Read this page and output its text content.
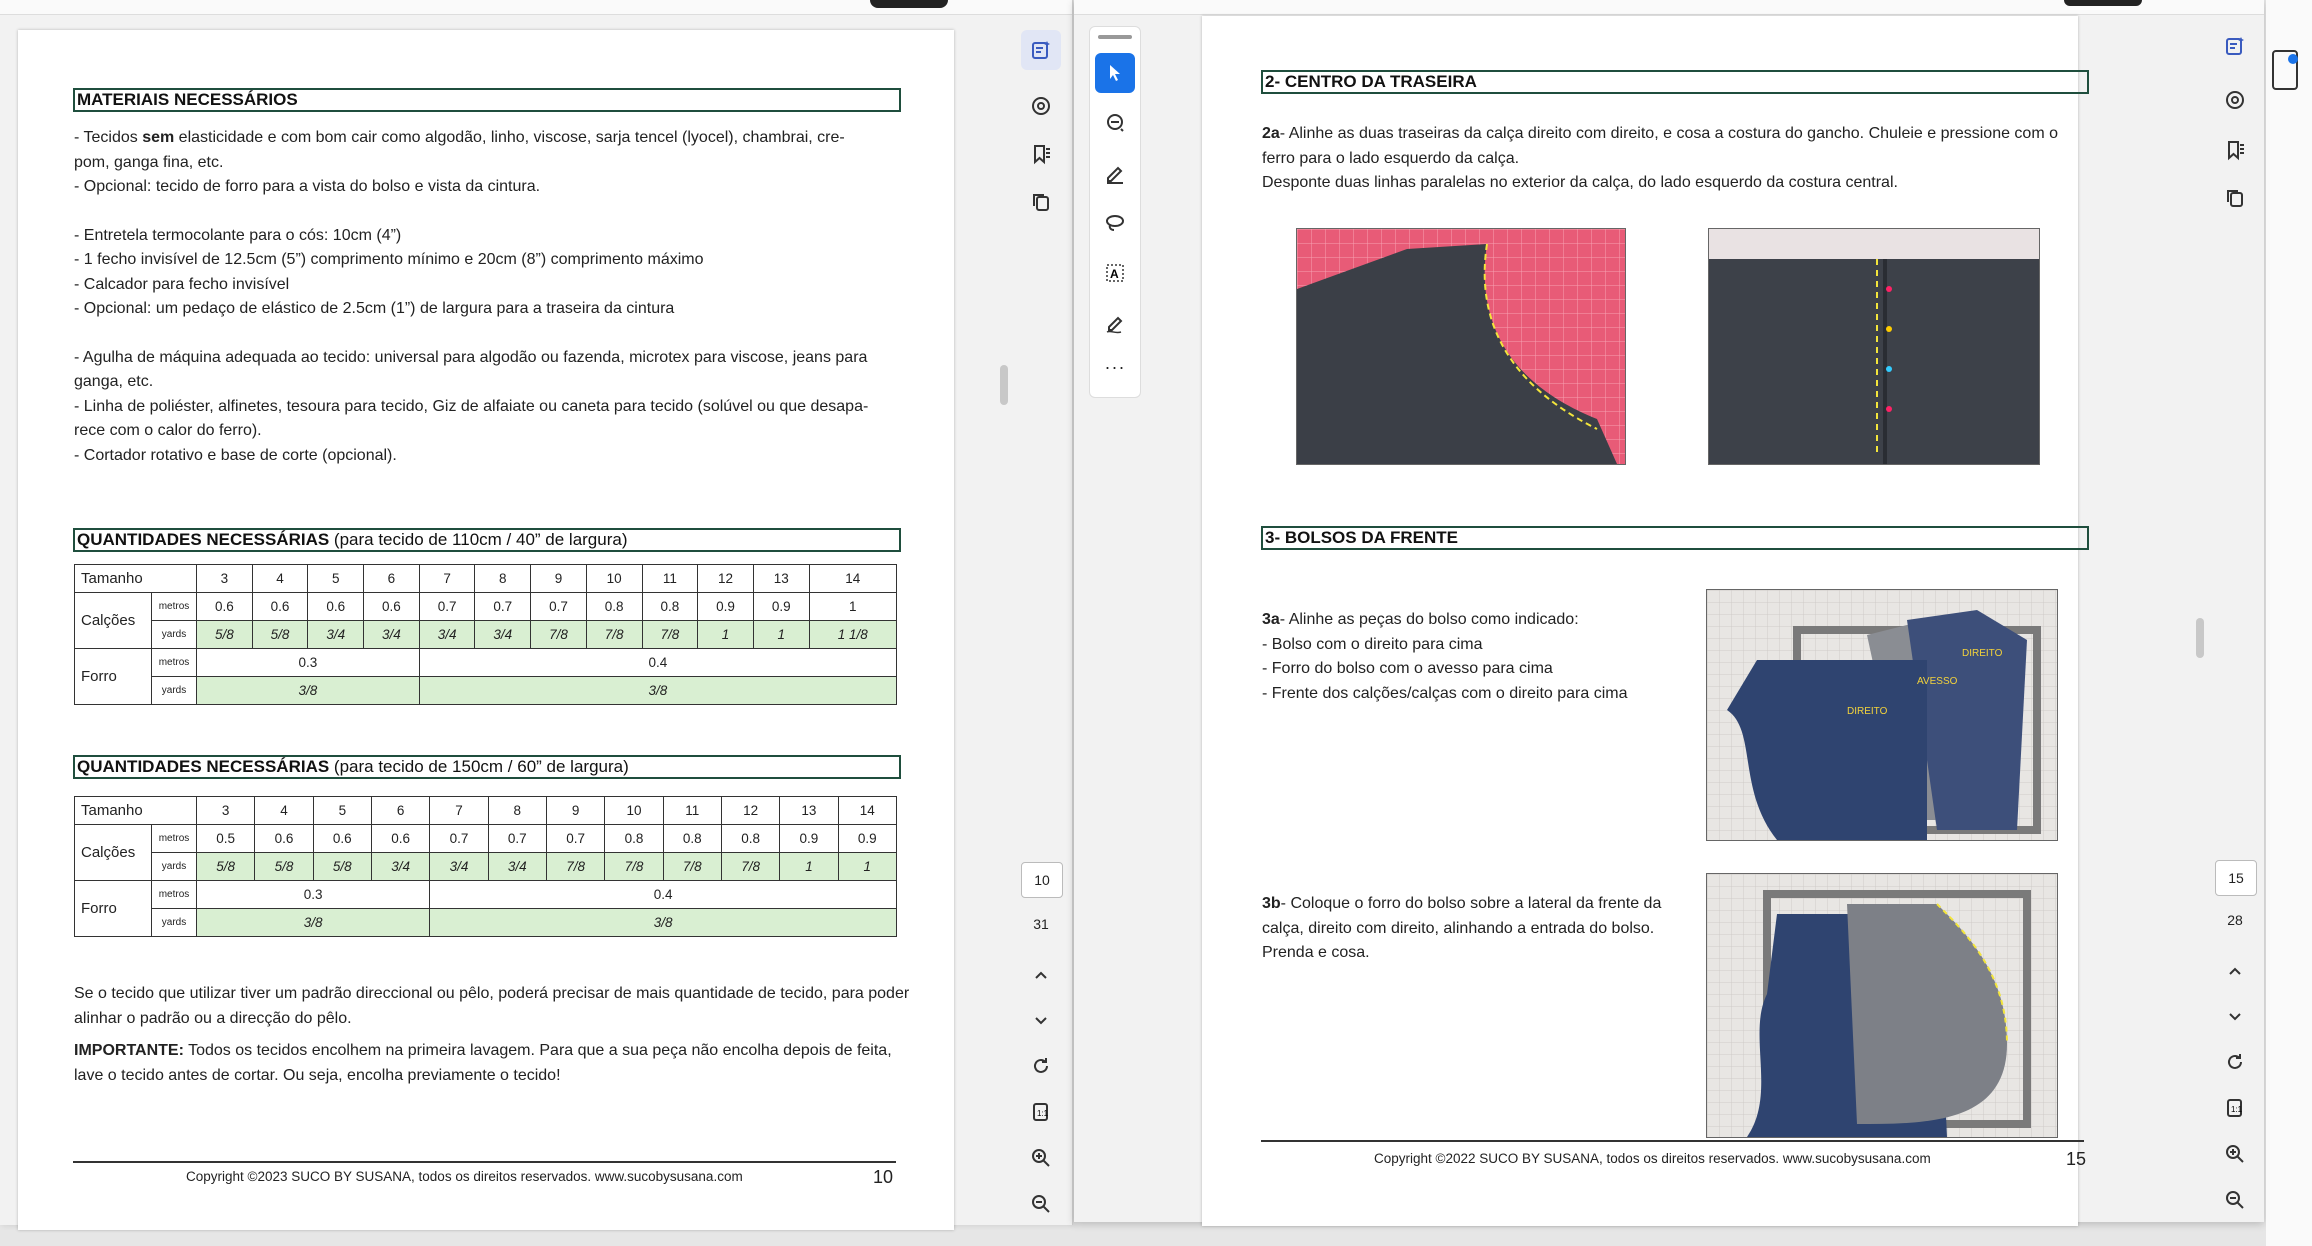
MATERIAIS NECESSÁRIOS

- Tecidos sem elasticidade e com bom cair como algodão, linho, viscose, sarja tencel (lyocel), chambrai, cre-

pom, ganga fina, etc.

- Opcional: tecido de forro para a vista do bolso e vista da cintura.

- Entretela termocolante para o cós: 10cm (4”)

- 1 fecho invisível de 12.5cm (5”) comprimento mínimo e 20cm (8”) comprimento máximo

- Calcador para fecho invisível

- Opcional: um pedaço de elástico de 2.5cm (1”) de largura para a traseira da cintura

- Agulha de máquina adequada ao tecido: universal para algodão ou fazenda, microtex para viscose, jeans para

ganga, etc.

- Linha de poliéster, alfinetes, tesoura para tecido, Giz de alfaiate ou caneta para tecido (solúvel ou que desapa-

rece com o calor do ferro).

- Cortador rotativo e base de corte (opcional).

QUANTIDADES NECESSÁRIAS (para tecido de 110cm / 40” de largura)
Tamanho		3	4	5	6	7	8	9	10	11	12	13	14
Calções	metros	0.6	0.6	0.6	0.6	0.7	0.7	0.7	0.8	0.8	0.9	0.9	1
	yards	5/8	5/8	3/4	3/4	3/4	3/4	7/8	7/8	7/8	1	1	1 1/8
Forro	metros	0.3				0.4							
	yards	3/8				3/8							
QUANTIDADES NECESSÁRIAS (para tecido de 150cm / 60” de largura)
Tamanho		3	4	5	6	7	8	9	10	11	12	13	14
Calções	metros	0.5	0.6	0.6	0.6	0.7	0.7	0.7	0.8	0.8	0.8	0.9	0.9
	yards	5/8	5/8	5/8	3/4	3/4	3/4	7/8	7/8	7/8	7/8	1	1
Forro	metros	0.3				0.4							
	yards	3/8				3/8							
Se o tecido que utilizar tiver um padrão direccional ou pêlo, poderá precisar de mais quantidade de tecido, para poder alinhar o padrão ou a direcção do pêlo.
IMPORTANTE: Todos os tecidos encolhem na primeira lavagem. Para que a sua peça não encolha depois de feita, lave o tecido antes de cortar. Ou seja, encolha previamente o tecido!
Copyright ©2023 SUCO BY SUSANA, todos os direitos reservados. www.sucobysusana.com	10
10
31
1:1
A
···
2- CENTRO DA TRASEIRA

2a- Alinhe as duas traseiras da calça direito com direito, e cosa a costura do gancho. Chuleie e pressione com o ferro para o lado esquerdo da calça.

Desponte duas linhas paralelas no exterior da calça, do lado esquerdo da costura central.

3- BOLSOS DA FRENTE

3a- Alinhe as peças do bolso como indicado:

- Bolso com o direito para cima

- Forro do bolso com o avesso para cima

- Frente dos calções/calças com o direito para cima

DIREITO
AVESSO
DIREITO

3b- Coloque o forro do bolso sobre a lateral da frente da calça, direito com direito, alinhando a entrada do bolso.

Prenda e cosa.

Copyright ©2022 SUCO BY SUSANA, todos os direitos reservados. www.sucobysusana.com	15
15
28
1:1
